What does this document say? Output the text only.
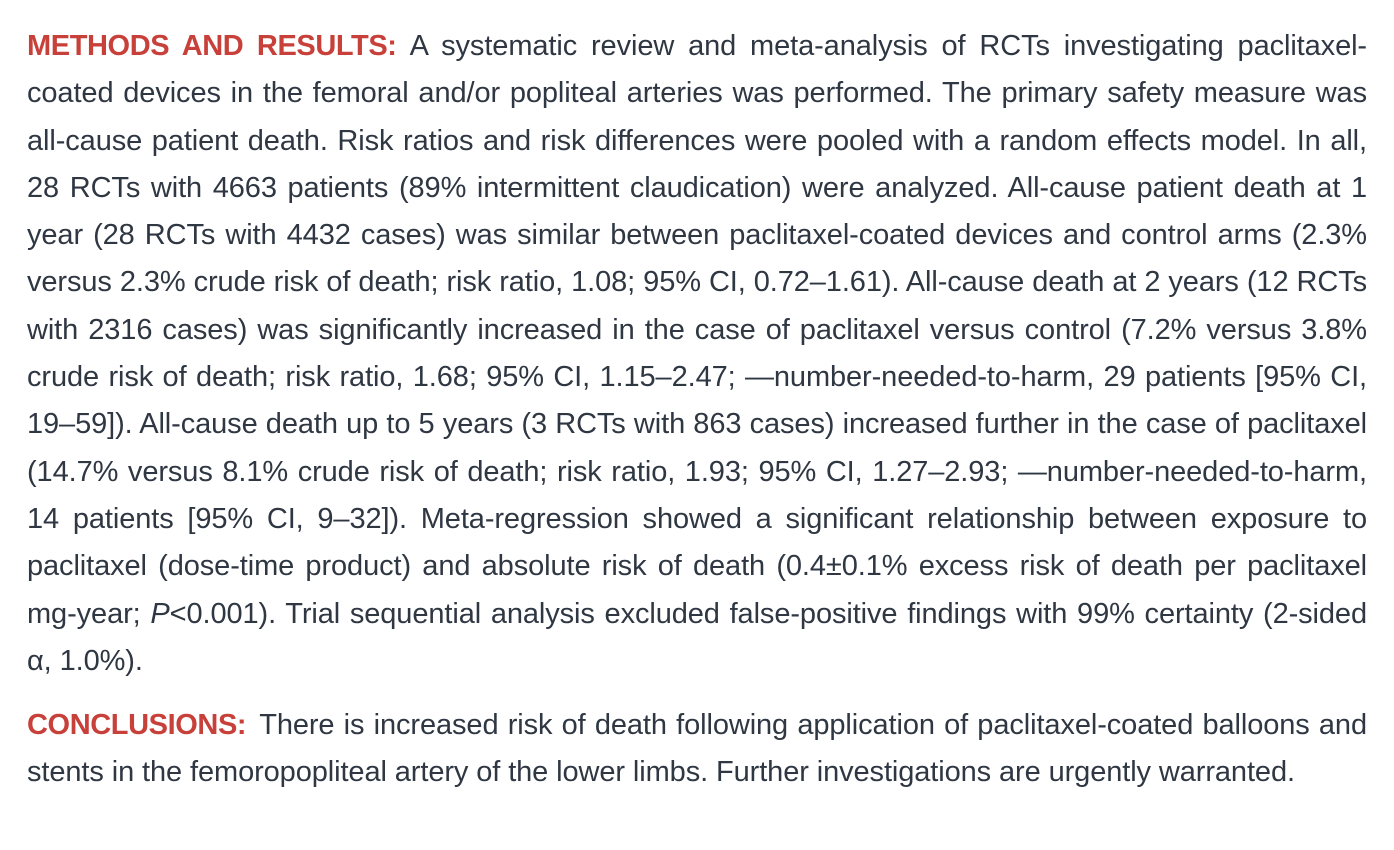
METHODS AND RESULTS: A systematic review and meta-analysis of RCTs investigating paclitaxel-coated devices in the femoral and/or popliteal arteries was performed. The primary safety measure was all-cause patient death. Risk ratios and risk differences were pooled with a random effects model. In all, 28 RCTs with 4663 patients (89% intermittent claudication) were analyzed. All-cause patient death at 1 year (28 RCTs with 4432 cases) was similar between paclitaxel-coated devices and control arms (2.3% versus 2.3% crude risk of death; risk ratio, 1.08; 95% CI, 0.72–1.61). All-cause death at 2 years (12 RCTs with 2316 cases) was significantly increased in the case of paclitaxel versus control (7.2% versus 3.8% crude risk of death; risk ratio, 1.68; 95% CI, 1.15–2.47; —number-needed-to-harm, 29 patients [95% CI, 19–59]). All-cause death up to 5 years (3 RCTs with 863 cases) increased further in the case of paclitaxel (14.7% versus 8.1% crude risk of death; risk ratio, 1.93; 95% CI, 1.27–2.93; —number-needed-to-harm, 14 patients [95% CI, 9–32]). Meta-regression showed a significant relationship between exposure to paclitaxel (dose-time product) and absolute risk of death (0.4±0.1% excess risk of death per paclitaxel mg-year; P<0.001). Trial sequential analysis excluded false-positive findings with 99% certainty (2-sided α, 1.0%).

CONCLUSIONS: There is increased risk of death following application of paclitaxel-coated balloons and stents in the femoropopliteal artery of the lower limbs. Further investigations are urgently warranted.
